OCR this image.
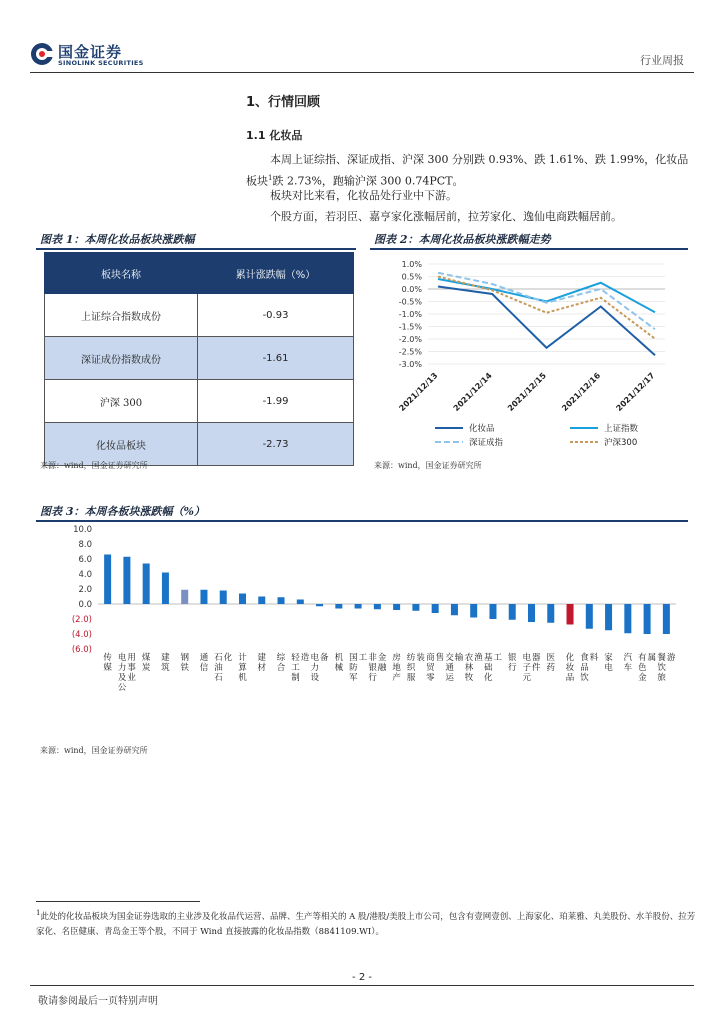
国金证券
SINOLINK SECURITIES	行业周报
1、行情回顾
1.1 化妆品
本周上证综指、深证成指、沪深 300 分别跌 0.93%、跌 1.61%、跌 1.99%，化妆品板块$^1$跌 2.73%，跑输沪深 300 0.74PCT。
板块对比来看，化妆品处行业中下游。
个股方面，若羽臣、嘉亨家化涨幅居前，拉芳家化、逸仙电商跌幅居前。
图表 1：本周化妆品板块涨跌幅
板块名称	累计涨跌幅（%）
上证综合指数成份	-0.93
深证成份指数成份	-1.61
沪深 300	-1.99
化妆品板块	-2.73
来源：wind，国金证券研究所
图表 2：本周化妆品板块涨跌幅走势
1.0%
0.5%
0.0%
-0.5%
-1.0%
-1.5%
-2.0%
-2.5%
-3.0%
2021/12/13 2021/12/14 2021/12/15 2021/12/16 2021/12/17
化妆品	上证指数
深证成指	沪深300
来源：wind，国金证券研究所
图表 3：本周各板块涨跌幅（%）
10.0
8.0
6.0
4.0
2.0
0.0
(2.0)
(4.0)
(6.0)
传媒
电力及公用事业
煤炭
建筑
钢铁
通信
石油石化 计算机
建材
综合
轻工制造 电力设备 机械
国防军工 非银行金融
房地产
纺织服装 商贸零售 交通运输 农林牧渔 基础化工 银行
电子元器件
医药
化妆品
食品饮料 家电
汽车
有色金属 餐饮旅游
来源：wind，国金证券研究所
$^1$此处的化妆品板块为国金证券选取的主业涉及化妆品代运营、品牌、生产等相关的 A 股/港股/美股上市公司，包含有壹网壹创、上海家化、珀莱雅、丸美股份、水羊股份、拉芳家化、名臣健康、青岛金王等个股，不同于 Wind 直接披露的化妆品指数（8841109.WI）。
- 2 -
敬请参阅最后一页特别声明
